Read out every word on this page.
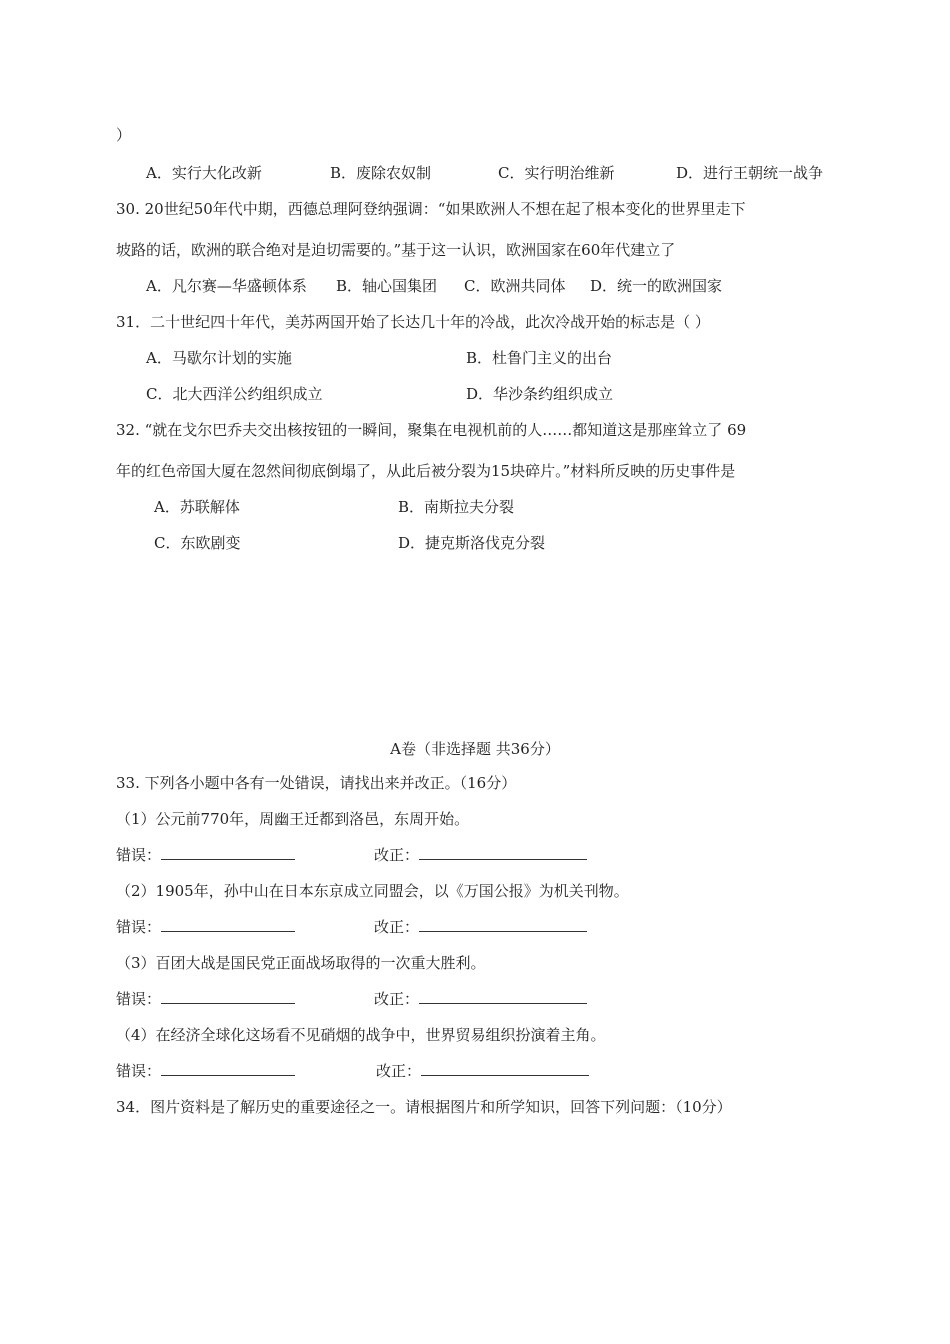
）
A．实行大化改新	B．废除农奴制	C．实行明治维新	D．进行王朝统一战争
30. 20世纪50年代中期，西德总理阿登纳强调：“如果欧洲人不想在起了根本变化的世界里走下
坡路的话，欧洲的联合绝对是迫切需要的。”基于这一认识，欧洲国家在60年代建立了
A．凡尔赛—华盛顿体系 B．轴心国集团 C．欧洲共同体 D．统一的欧洲国家
31．二十世纪四十年代，美苏两国开始了长达几十年的冷战，此次冷战开始的标志是（ ）
A．马歇尔计划的实施	B．杜鲁门主义的出台
C．北大西洋公约组织成立	D．华沙条约组织成立
32. “就在戈尔巴乔夫交出核按钮的一瞬间，聚集在电视机前的人……都知道这是那座耸立了 69
年的红色帝国大厦在忽然间彻底倒塌了，从此后被分裂为15块碎片。”材料所反映的历史事件是
A．苏联解体	B．南斯拉夫分裂
C．东欧剧变	D．捷克斯洛伐克分裂
A卷（非选择题 共36分）
33. 下列各小题中各有一处错误，请找出来并改正。（16分）
（1）公元前770年，周幽王迁都到洛邑，东周开始。
错误：	改正：
（2）1905年，孙中山在日本东京成立同盟会，以《万国公报》为机关刊物。
错误：	改正：
（3）百团大战是国民党正面战场取得的一次重大胜利。
错误：	改正：
（4）在经济全球化这场看不见硝烟的战争中，世界贸易组织扮演着主角。
错误：	改正：
34．图片资料是了解历史的重要途径之一。请根据图片和所学知识，回答下列问题：（10分）
